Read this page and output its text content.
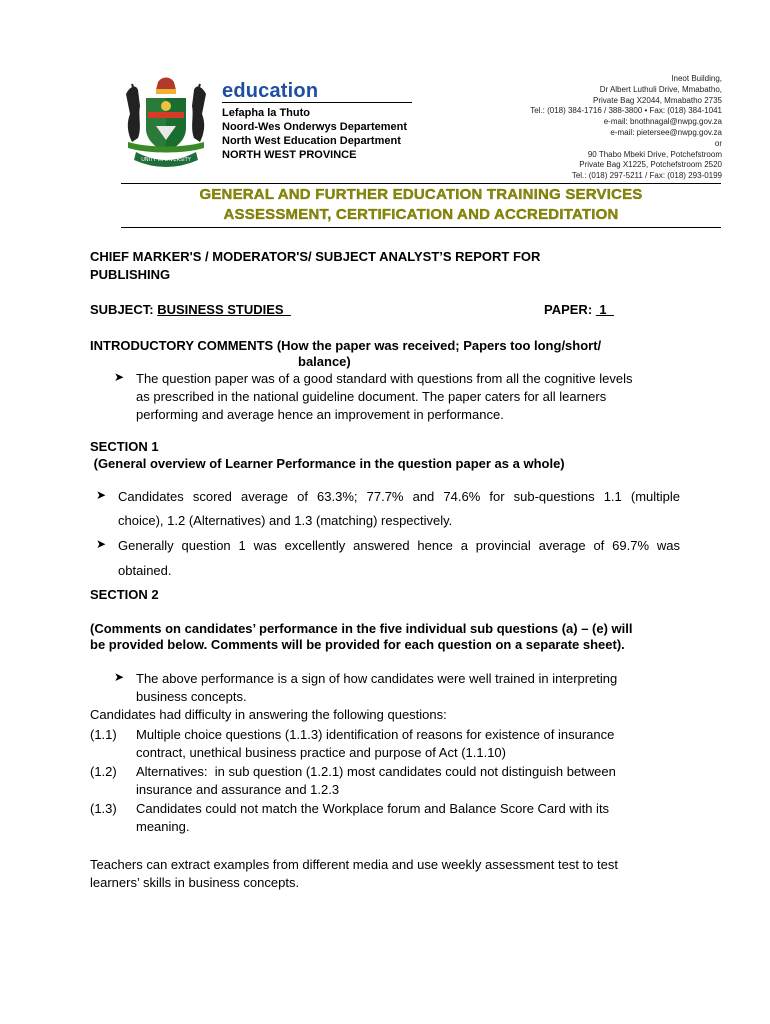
UNITY IN DIVERSITY
education
Lefapha la Thuto
Noord-Wes Onderwys Departement
North West Education Department
NORTH WEST PROVINCE
Ineot Building,
Dr Albert Luthuli Drive, Mmabatho,
Private Bag X2044, Mmabatho 2735
Tel.: (018) 384-1716 / 388-3800 • Fax: (018) 384-1041
e-mail: bnothnagal@nwpg.gov.za
e-mail: pietersee@nwpg.gov.za
or
90 Thabo Mbeki Drive, Potchefstroom
Private Bag X1225, Potchefstroom 2520
Tel.: (018) 297-5211 / Fax: (018) 293-0199
GENERAL AND FURTHER EDUCATION TRAINING SERVICES
ASSESSMENT, CERTIFICATION AND ACCREDITATION
CHIEF MARKER'S / MODERATOR'S/ SUBJECT ANALYST’S REPORT FOR
PUBLISHING
SUBJECT: BUSINESS STUDIES	PAPER:  1
INTRODUCTORY COMMENTS (How the paper was received; Papers too long/short/
balance)
➤ The question paper was of a good standard with questions from all the cognitive levels
as prescribed in the national guideline document. The paper caters for all learners
performing and average hence an improvement in performance.
SECTION 1
(General overview of Learner Performance in the question paper as a whole)
➤ Candidates scored average of 63.3%; 77.7% and 74.6% for sub-questions 1.1 (multiple
choice), 1.2 (Alternatives) and 1.3 (matching) respectively.
➤ Generally question 1 was excellently answered hence a provincial average of 69.7% was
obtained.
SECTION 2
(Comments on candidates’ performance in the five individual sub questions (a) – (e) will
be provided below. Comments will be provided for each question on a separate sheet).
➤ The above performance is a sign of how candidates were well trained in interpreting
business concepts.
Candidates had difficulty in answering the following questions:
(1.1) Multiple choice questions (1.1.3) identification of reasons for existence of insurance
contract, unethical business practice and purpose of Act (1.1.10)
(1.2) Alternatives:  in sub question (1.2.1) most candidates could not distinguish between
insurance and assurance and 1.2.3
(1.3) Candidates could not match the Workplace forum and Balance Score Card with its
meaning.
Teachers can extract examples from different media and use weekly assessment test to test
learners’ skills in business concepts.
